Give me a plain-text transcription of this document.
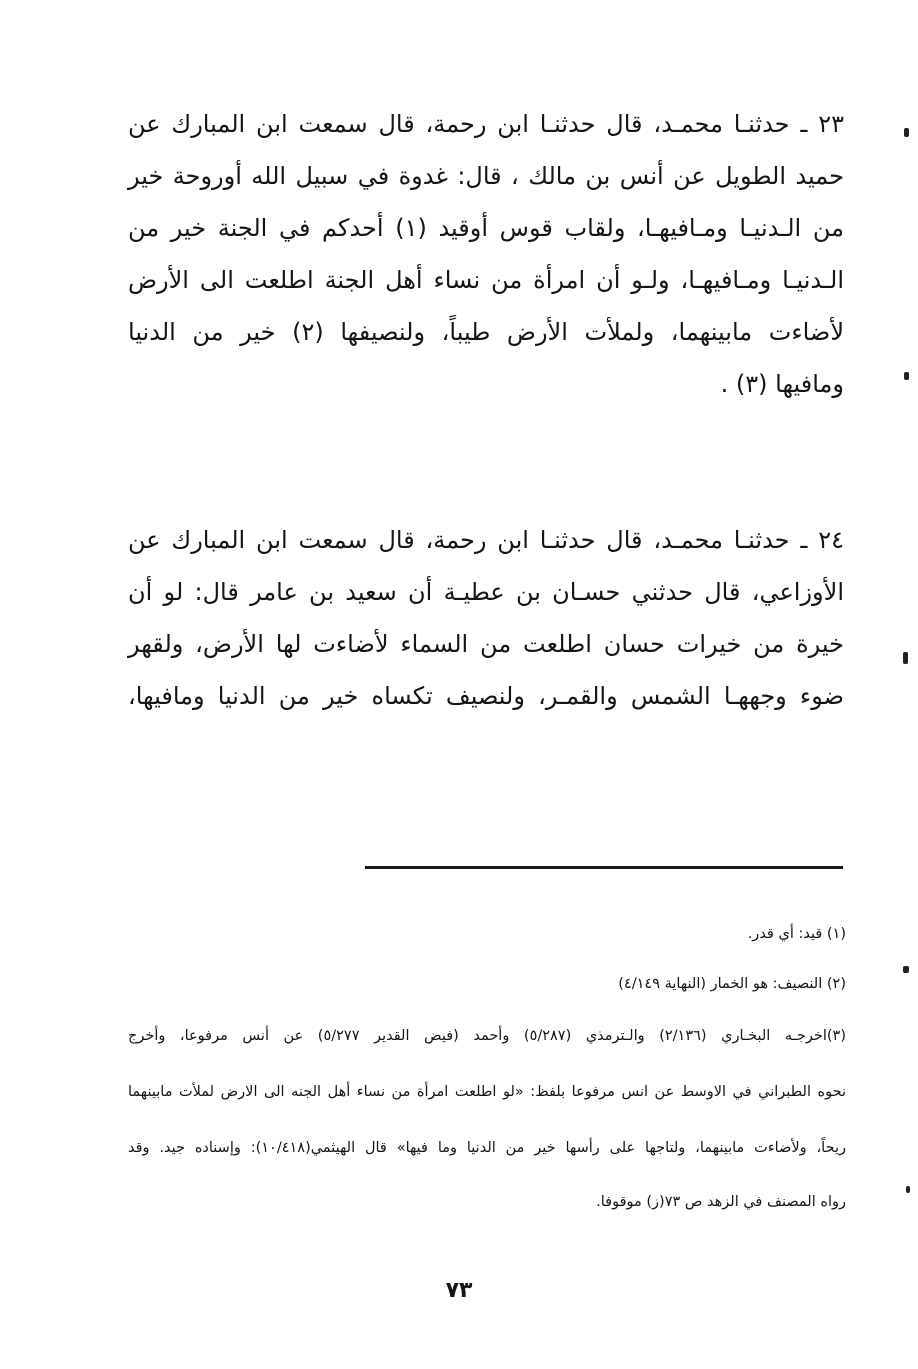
٢٣ ـ حدثنـا محمـد، قال حدثنـا ابن رحمة، قال سمعت ابن المبارك عن
حميد الطويل عن أنس بن مالك ، قال: غدوة في سبيل الله أوروحة خير
من الـدنيـا ومـافيهـا، ولقاب قوس أوقيد (١) أحدكم في الجنة خير من
الـدنيـا ومـافيهـا، ولـو أن امرأة من نساء أهل الجنة اطلعت الى الأرض
لأضاءت مابينهما، ولملأت الأرض طيباً، ولنصيفها (٢) خير من الدنيا
ومافيها (٣) .
٢٤ ـ حدثنـا محمـد، قال حدثنـا ابن رحمة، قال سمعت ابن المبارك عن
الأوزاعي، قال حدثني حسـان بن عطيـة أن سعيد بن عامر قال: لو أن
خيرة من خيرات حسان اطلعت من السماء لأضاءت لها الأرض، ولقهر
ضوء وجههـا الشمس والقمـر، ولنصيف تكساه خير من الدنيا ومافيها،
(١) قيد: أي قدر.
(٢) النصيف: هو الخمار (النهاية ٤/١٤٩)
(٣)اخرجـه البخـاري (٢/١٣٦) والـترمذي (٥/٢٨٧) وأحمد (فيض القدير ٥/٢٧٧) عن أنس مرفوعا، وأخرج
نحوه الطبراني في الاوسط عن انس مرفوعا بلفظ: «لو اطلعت امرأة من نساء أهل الجنه الى الارض لملأت مابينهما
ريحاً، ولأضاءت مابينهما، ولتاجها على رأسها خير من الدنيا وما فيها» قال الهيثمي(١٠/٤١٨): وإسناده جيد. وقد
رواه المصنف في الزهد ص ٧٣(ز) موقوفا.
٧٣
